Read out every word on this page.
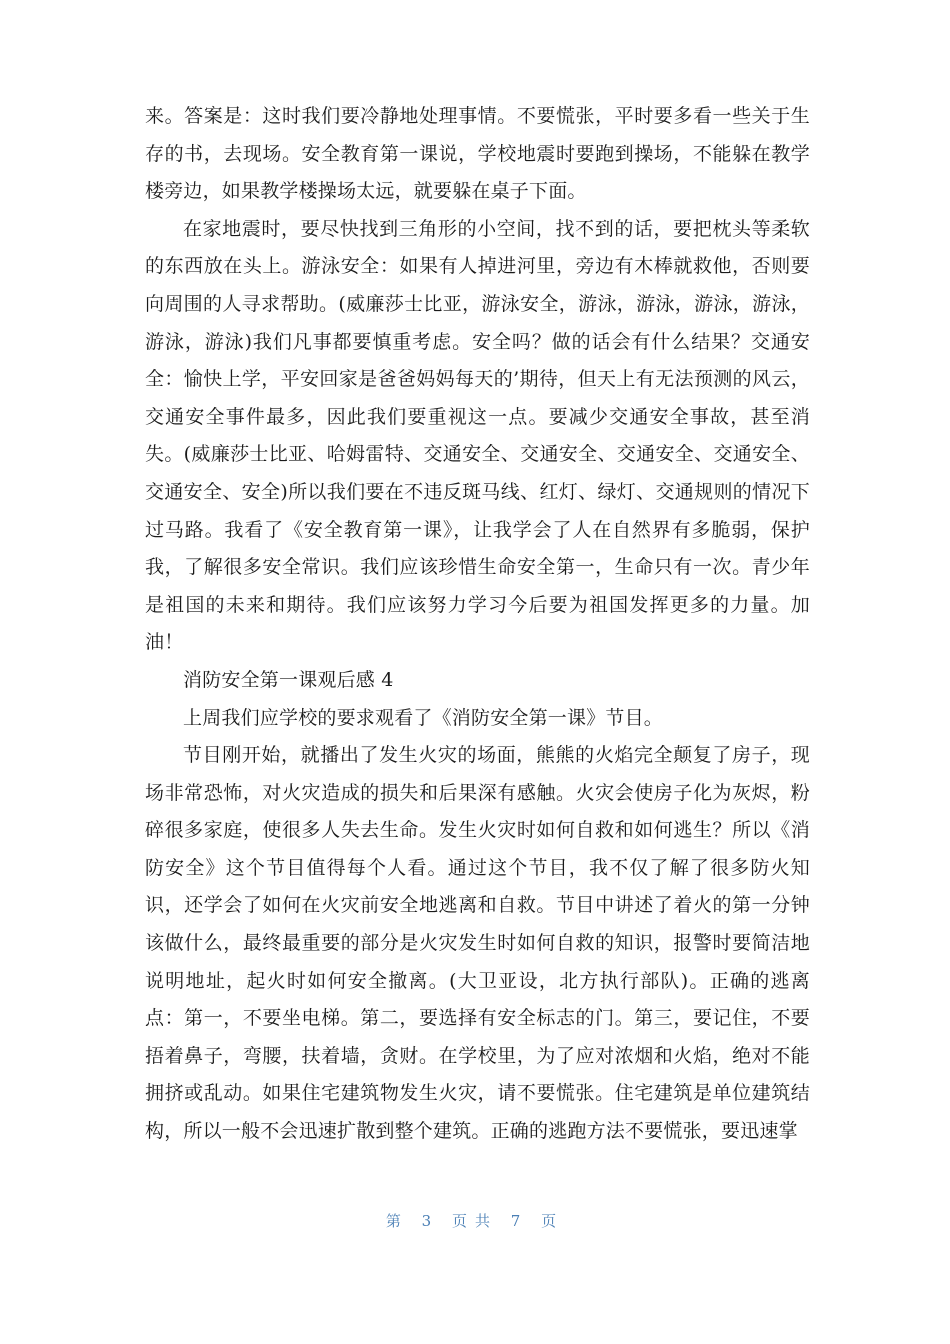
来。答案是：这时我们要冷静地处理事情。不要慌张，平时要多看一些关于生存的书，去现场。安全教育第一课说，学校地震时要跑到操场，不能躲在教学楼旁边，如果教学楼操场太远，就要躲在桌子下面。

在家地震时，要尽快找到三角形的小空间，找不到的话，要把枕头等柔软的东西放在头上。游泳安全：如果有人掉进河里，旁边有木棒就救他，否则要向周围的人寻求帮助。(威廉莎士比亚，游泳安全，游泳，游泳，游泳，游泳，游泳，游泳)我们凡事都要慎重考虑。安全吗？做的话会有什么结果？交通安全：愉快上学，平安回家是爸爸妈妈每天的’期待，但天上有无法预测的风云，交通安全事件最多，因此我们要重视这一点。要减少交通安全事故，甚至消失。(威廉莎士比亚、哈姆雷特、交通安全、交通安全、交通安全、交通安全、交通安全、安全)所以我们要在不违反斑马线、红灯、绿灯、交通规则的情况下过马路。我看了《安全教育第一课》，让我学会了人在自然界有多脆弱，保护我，了解很多安全常识。我们应该珍惜生命安全第一，生命只有一次。青少年是祖国的未来和期待。我们应该努力学习今后要为祖国发挥更多的力量。加油！

消防安全第一课观后感 4

上周我们应学校的要求观看了《消防安全第一课》节目。

节目刚开始，就播出了发生火灾的场面，熊熊的火焰完全颠复了房子，现场非常恐怖，对火灾造成的损失和后果深有感触。火灾会使房子化为灰烬，粉碎很多家庭，使很多人失去生命。发生火灾时如何自救和如何逃生？所以《消防安全》这个节目值得每个人看。通过这个节目，我不仅了解了很多防火知识，还学会了如何在火灾前安全地逃离和自救。节目中讲述了着火的第一分钟该做什么，最终最重要的部分是火灾发生时如何自救的知识，报警时要简洁地说明地址，起火时如何安全撤离。(大卫亚设，北方执行部队)。正确的逃离点：第一，不要坐电梯。第二，要选择有安全标志的门。第三，要记住，不要捂着鼻子，弯腰，扶着墙，贪财。在学校里，为了应对浓烟和火焰，绝对不能拥挤或乱动。如果住宅建筑物发生火灾，请不要慌张。住宅建筑是单位建筑结构，所以一般不会迅速扩散到整个建筑。正确的逃跑方法不要慌张，要迅速掌

第 3 页共 7 页
